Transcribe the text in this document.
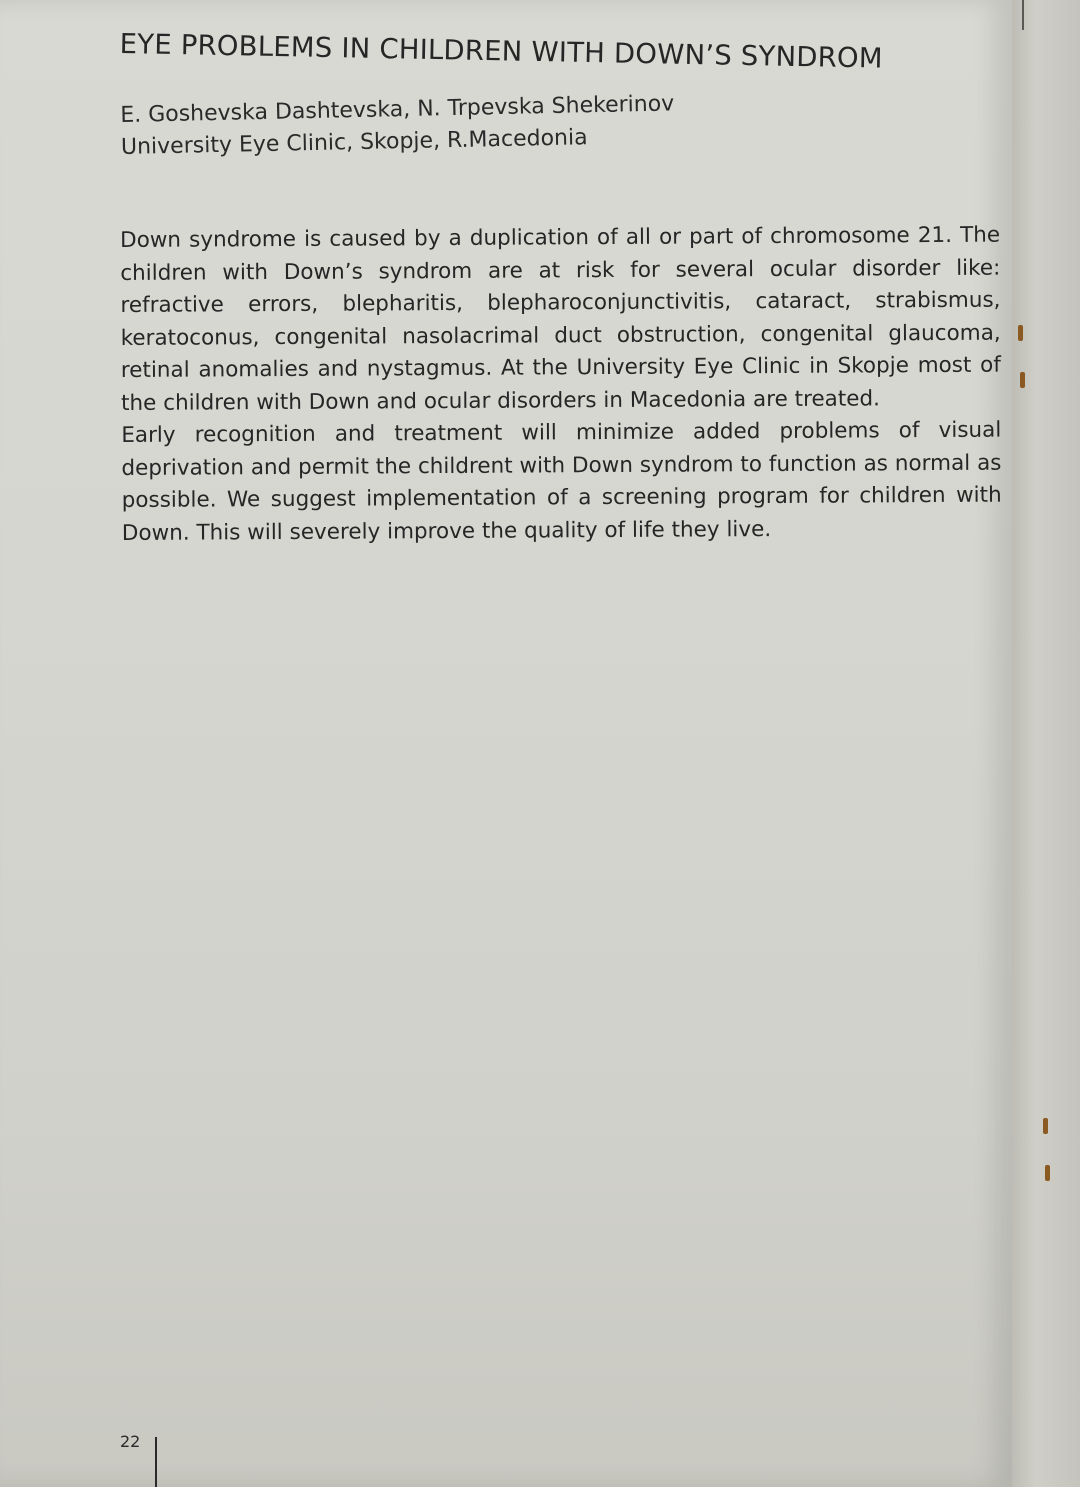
EYE PROBLEMS IN CHILDREN WITH DOWN’S SYNDROM
E. Goshevska Dashtevska, N. Trpevska Shekerinov
University Eye Clinic, Skopje, R.Macedonia

Down syndrome is caused by a duplication of all or part of chromosome 21. The children with Down’s syndrom are at risk for several ocular disorder like: refractive errors, blepharitis, blepharoconjunctivitis, cataract, strabismus, keratoconus, congenital nasolacrimal duct obstruction, congenital glaucoma, retinal anomalies and nystagmus. At the University Eye Clinic in Skopje most of the children with Down and ocular disorders in Macedonia are treated.

Early recognition and treatment will minimize added problems of visual deprivation and permit the childrent with Down syndrom to function as normal as possible. We suggest implementation of a screening program for children with Down. This will severely improve the quality of life they live.

​

22
